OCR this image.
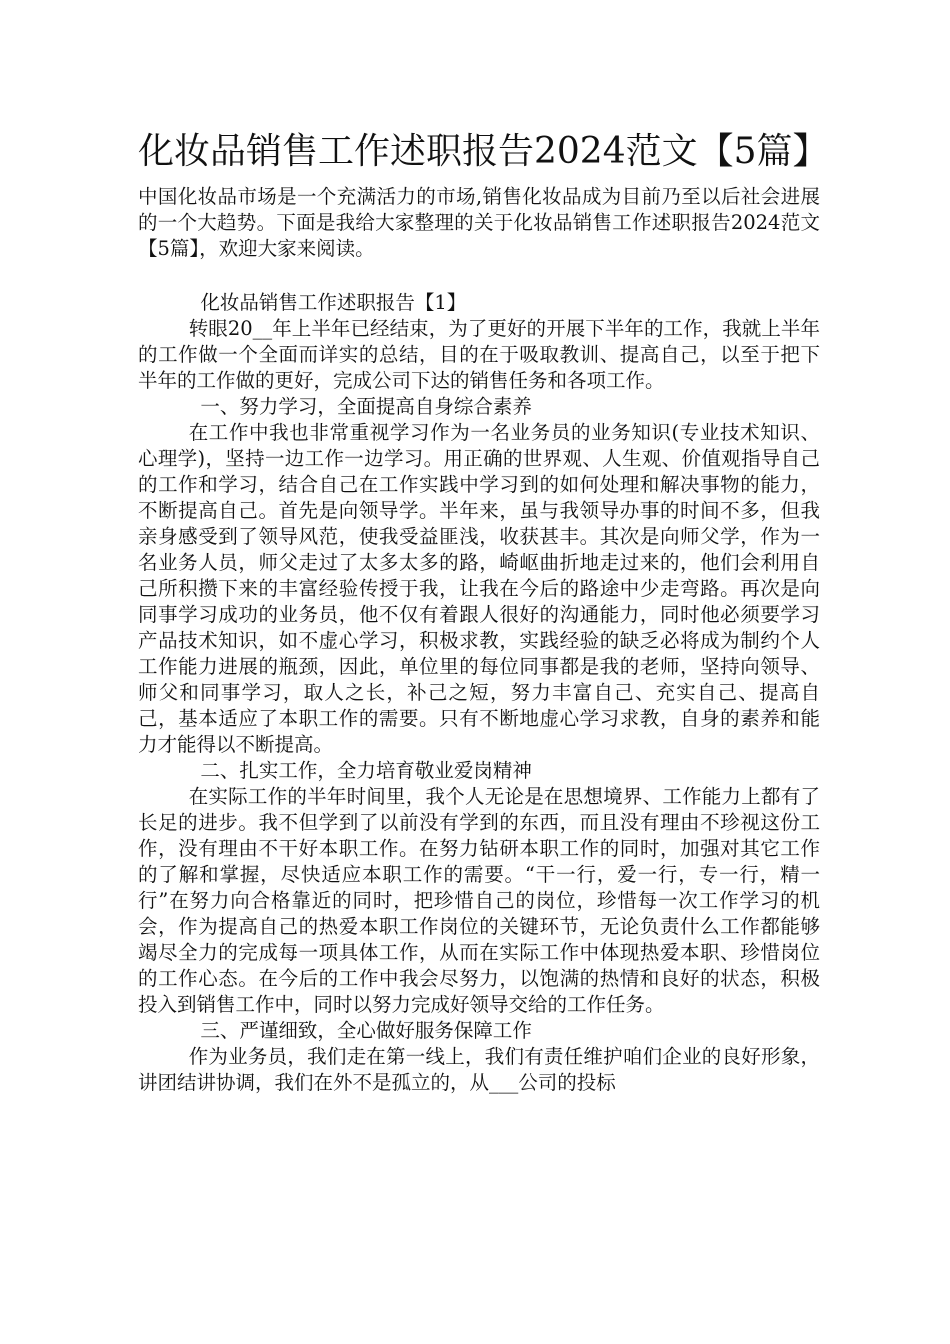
化妆品销售工作述职报告2024范文【5篇】

中国化妆品市场是一个充满活力的市场,销售化妆品成为目前乃至以后社会进展的一个大趋势。下面是我给大家整理的关于化妆品销售工作述职报告2024范文【5篇】，欢迎大家来阅读。

化妆品销售工作述职报告【1】

转眼20__年上半年已经结束，为了更好的开展下半年的工作，我就上半年的工作做一个全面而详实的总结，目的在于吸取教训、提高自己，以至于把下半年的工作做的更好，完成公司下达的销售任务和各项工作。

一、努力学习，全面提高自身综合素养

在工作中我也非常重视学习作为一名业务员的业务知识(专业技术知识、心理学)，坚持一边工作一边学习。用正确的世界观、人生观、价值观指导自己的工作和学习，结合自己在工作实践中学习到的如何处理和解决事物的能力，不断提高自己。首先是向领导学。半年来，虽与我领导办事的时间不多，但我亲身感受到了领导风范，使我受益匪浅，收获甚丰。其次是向师父学，作为一名业务人员，师父走过了太多太多的路，崎岖曲折地走过来的，他们会利用自己所积攒下来的丰富经验传授于我，让我在今后的路途中少走弯路。再次是向同事学习成功的业务员，他不仅有着跟人很好的沟通能力，同时他必须要学习产品技术知识，如不虚心学习，积极求教，实践经验的缺乏必将成为制约个人工作能力进展的瓶颈，因此，单位里的每位同事都是我的老师，坚持向领导、师父和同事学习，取人之长，补己之短，努力丰富自己、充实自己、提高自己，基本适应了本职工作的需要。只有不断地虚心学习求教，自身的素养和能力才能得以不断提高。

二、扎实工作，全力培育敬业爱岗精神

在实际工作的半年时间里，我个人无论是在思想境界、工作能力上都有了长足的进步。我不但学到了以前没有学到的东西，而且没有理由不珍视这份工作，没有理由不干好本职工作。在努力钻研本职工作的同时，加强对其它工作的了解和掌握，尽快适应本职工作的需要。“干一行，爱一行，专一行，精一行”在努力向合格靠近的同时，把珍惜自己的岗位，珍惜每一次工作学习的机会，作为提高自己的热爱本职工作岗位的关键环节，无论负责什么工作都能够竭尽全力的完成每一项具体工作，从而在实际工作中体现热爱本职、珍惜岗位的工作心态。在今后的工作中我会尽努力，以饱满的热情和良好的状态，积极投入到销售工作中，同时以努力完成好领导交给的工作任务。

三、严谨细致，全心做好服务保障工作

作为业务员，我们走在第一线上，我们有责任维护咱们企业的良好形象，讲团结讲协调，我们在外不是孤立的，从___公司的投标
